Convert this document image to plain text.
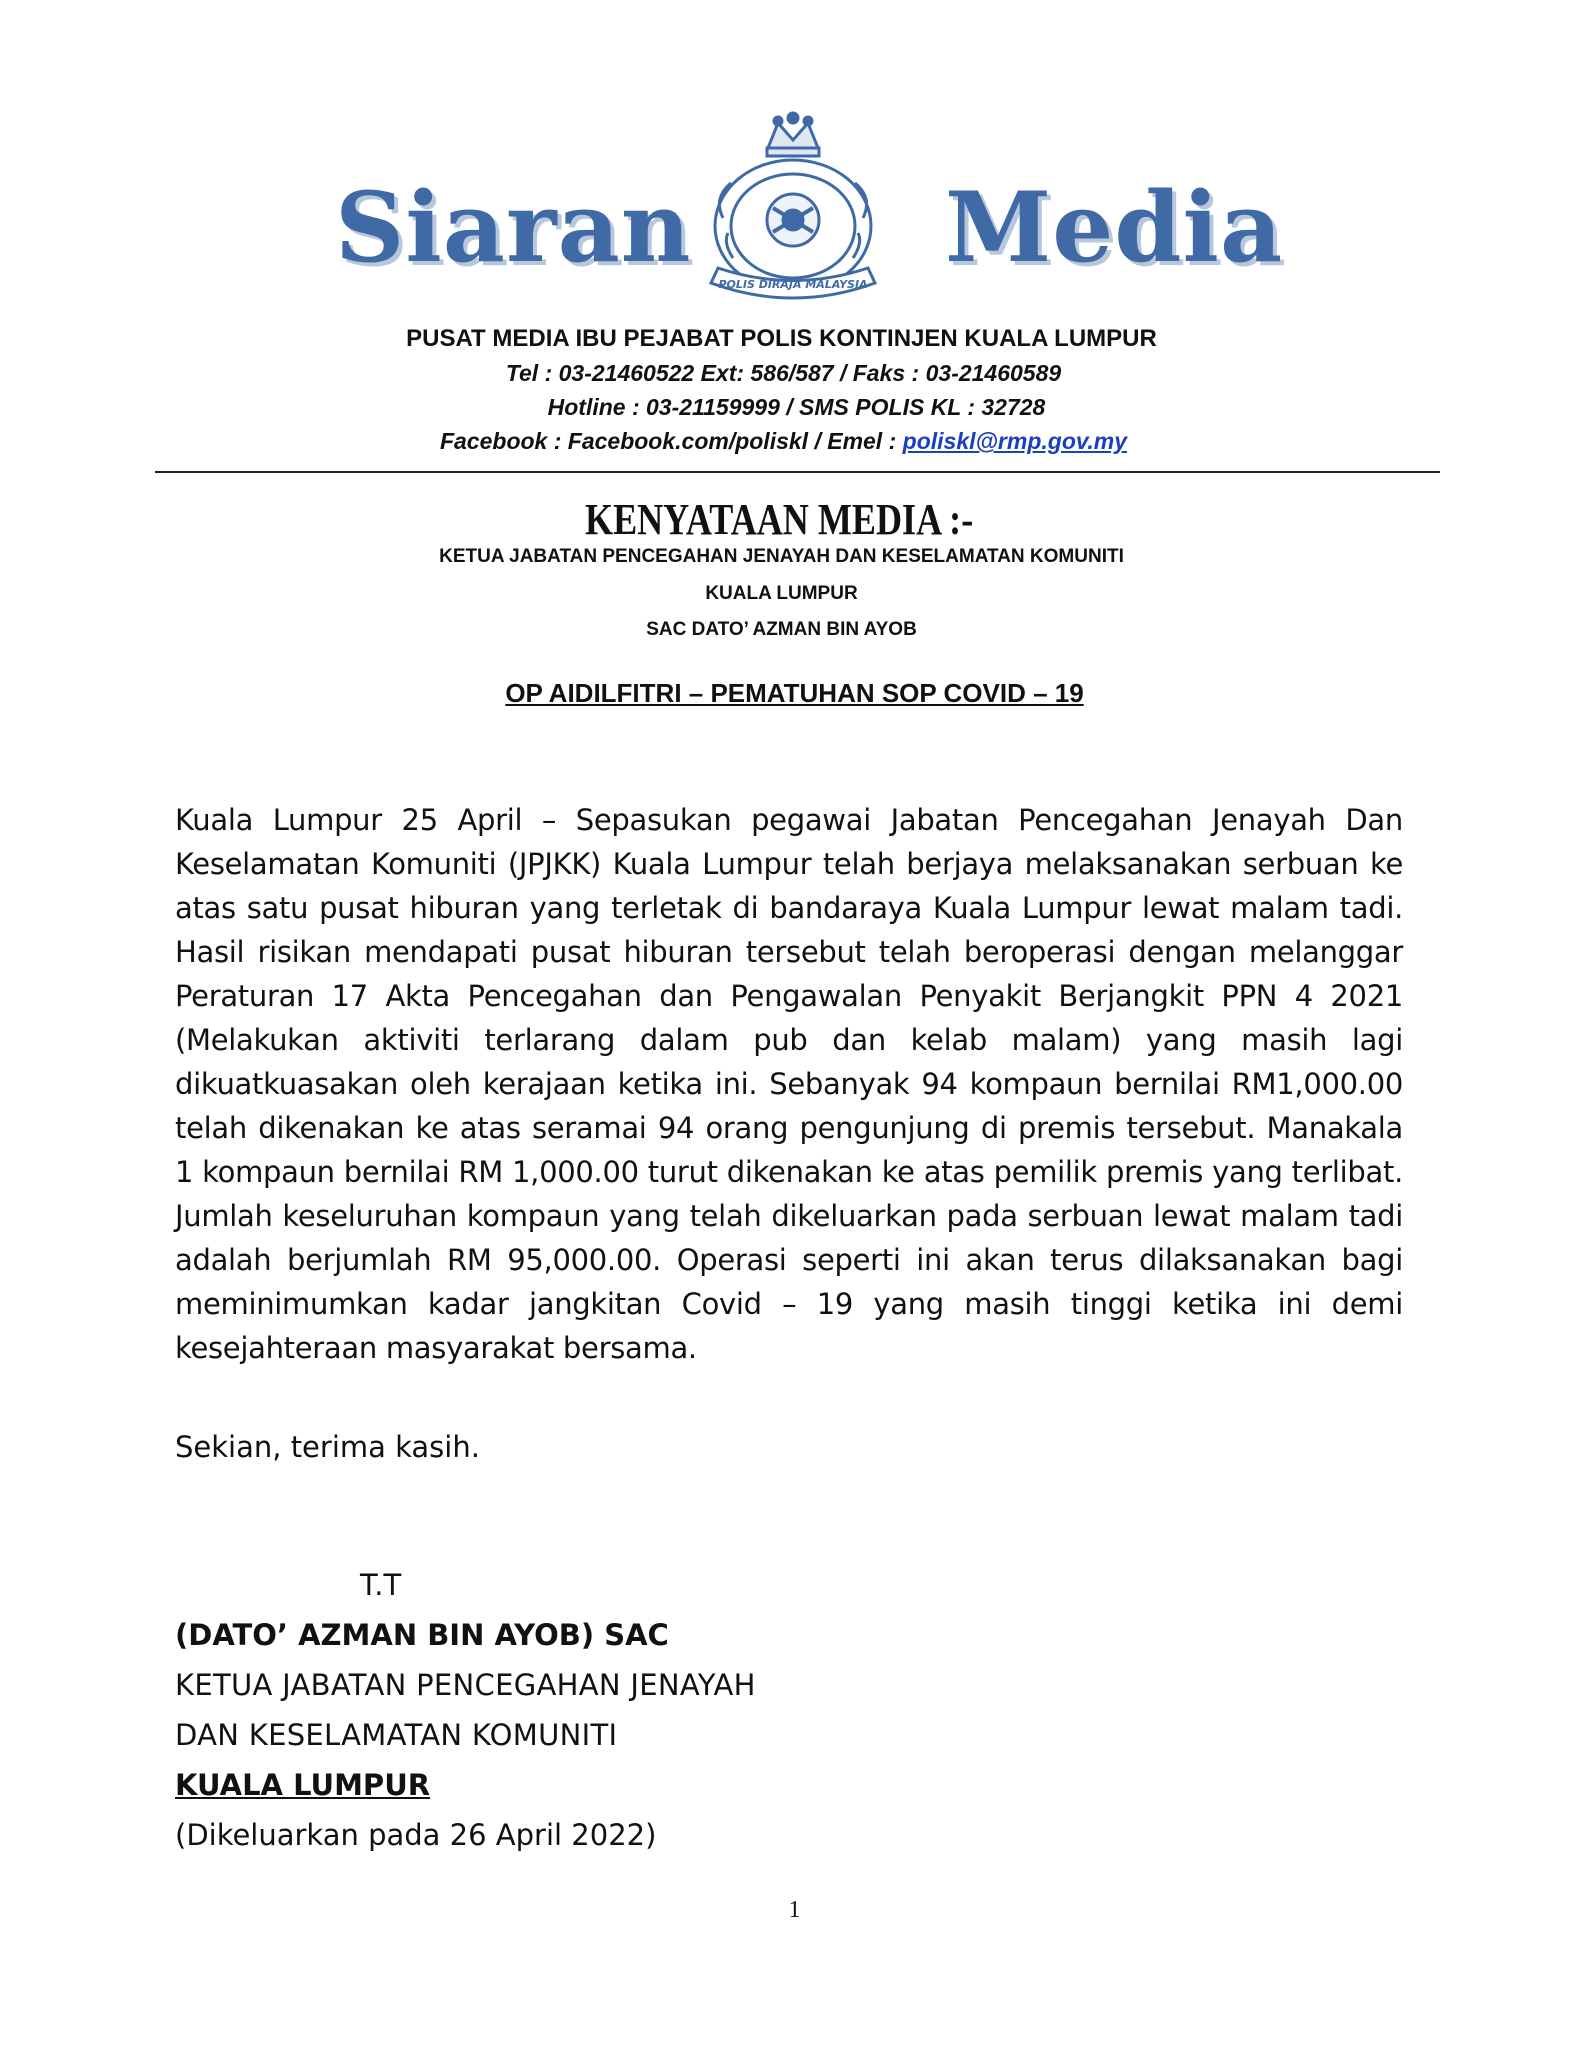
Siaran
POLIS DIRAJA MALAYSIA
Media
PUSAT MEDIA IBU PEJABAT POLIS KONTINJEN KUALA LUMPUR
Tel : 03-21460522 Ext: 586/587 / Faks : 03-21460589
Hotline : 03-21159999 / SMS POLIS KL : 32728
Facebook : Facebook.com/poliskl / Emel : poliskl@rmp.gov.my
KENYATAAN MEDIA :-
KETUA JABATAN PENCEGAHAN JENAYAH DAN KESELAMATAN KOMUNITI
KUALA LUMPUR
SAC DATO’ AZMAN BIN AYOB
OP AIDILFITRI – PEMATUHAN SOP COVID – 19
Kuala Lumpur 25 April – Sepasukan pegawai Jabatan Pencegahan Jenayah Dan Keselamatan Komuniti (JPJKK) Kuala Lumpur telah berjaya melaksanakan serbuan ke atas satu pusat hiburan yang terletak di bandaraya Kuala Lumpur lewat malam tadi. Hasil risikan mendapati pusat hiburan tersebut telah beroperasi dengan melanggar Peraturan 17 Akta Pencegahan dan Pengawalan Penyakit Berjangkit PPN 4 2021 (Melakukan aktiviti terlarang dalam pub dan kelab malam) yang masih lagi dikuatkuasakan oleh kerajaan ketika ini. Sebanyak 94 kompaun bernilai RM1,000.00 telah dikenakan ke atas seramai 94 orang pengunjung di premis tersebut. Manakala 1 kompaun bernilai RM 1,000.00 turut dikenakan ke atas pemilik premis yang terlibat. Jumlah keseluruhan kompaun yang telah dikeluarkan pada serbuan lewat malam tadi adalah berjumlah RM 95,000.00. Operasi seperti ini akan terus dilaksanakan bagi meminimumkan kadar jangkitan Covid – 19 yang masih tinggi ketika ini demi kesejahteraan masyarakat bersama.
Sekian, terima kasih.
T.T
(DATO’ AZMAN BIN AYOB) SAC
KETUA JABATAN PENCEGAHAN JENAYAH
DAN KESELAMATAN KOMUNITI
KUALA LUMPUR
(Dikeluarkan pada 26 April 2022)
1
